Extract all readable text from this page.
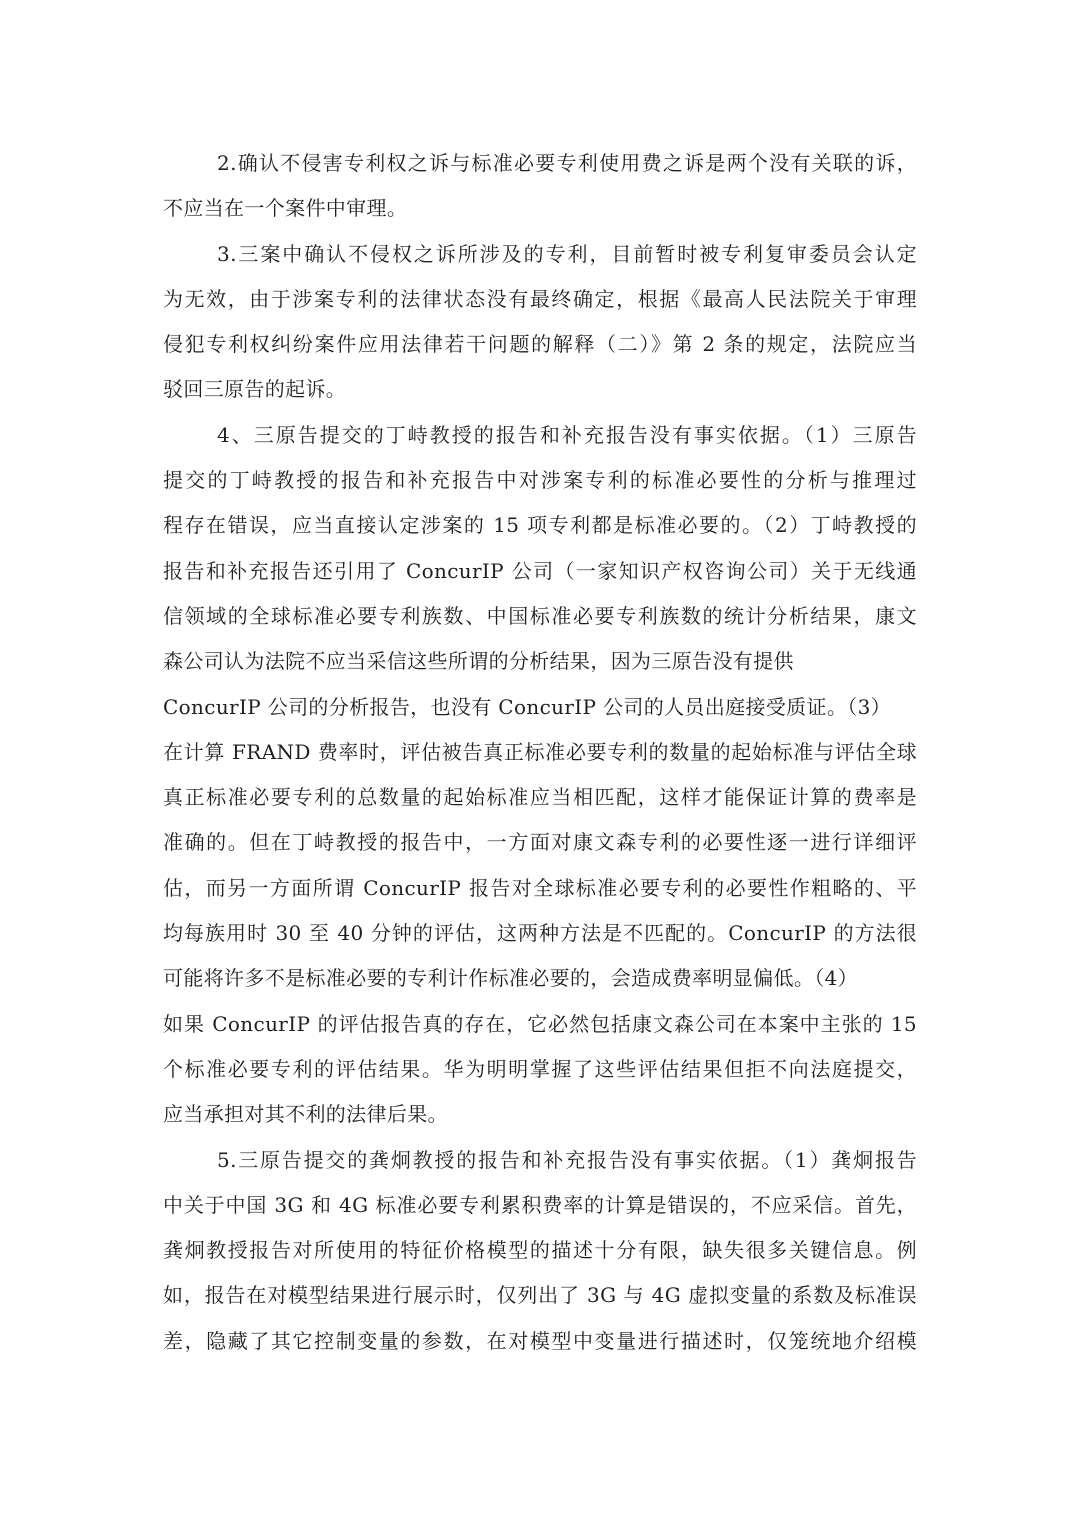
2.确认不侵害专利权之诉与标准必要专利使用费之诉是两个没有关联的诉，
不应当在一个案件中审理。
3.三案中确认不侵权之诉所涉及的专利，目前暂时被专利复审委员会认定
为无效，由于涉案专利的法律状态没有最终确定，根据《最高人民法院关于审理
侵犯专利权纠纷案件应用法律若干问题的解释（二）》第 2 条的规定，法院应当
驳回三原告的起诉。
4、三原告提交的丁峙教授的报告和补充报告没有事实依据。（1）三原告
提交的丁峙教授的报告和补充报告中对涉案专利的标准必要性的分析与推理过
程存在错误，应当直接认定涉案的 15 项专利都是标准必要的。（2）丁峙教授的
报告和补充报告还引用了 ConcurIP 公司（一家知识产权咨询公司）关于无线通
信领域的全球标准必要专利族数、中国标准必要专利族数的统计分析结果，康文
森公司认为法院不应当采信这些所谓的分析结果，因为三原告没有提供
ConcurIP 公司的分析报告，也没有 ConcurIP 公司的人员出庭接受质证。（3）
在计算 FRAND 费率时，评估被告真正标准必要专利的数量的起始标准与评估全球
真正标准必要专利的总数量的起始标准应当相匹配，这样才能保证计算的费率是
准确的。但在丁峙教授的报告中，一方面对康文森专利的必要性逐一进行详细评
估，而另一方面所谓 ConcurIP 报告对全球标准必要专利的必要性作粗略的、平
均每族用时 30 至 40 分钟的评估，这两种方法是不匹配的。ConcurIP 的方法很
可能将许多不是标准必要的专利计作标准必要的，会造成费率明显偏低。（4）
如果 ConcurIP 的评估报告真的存在，它必然包括康文森公司在本案中主张的 15
个标准必要专利的评估结果。华为明明掌握了这些评估结果但拒不向法庭提交，
应当承担对其不利的法律后果。
5.三原告提交的龚炯教授的报告和补充报告没有事实依据。（1）龚炯报告
中关于中国 3G 和 4G 标准必要专利累积费率的计算是错误的，不应采信。首先，
龚炯教授报告对所使用的特征价格模型的描述十分有限，缺失很多关键信息。例
如，报告在对模型结果进行展示时，仅列出了 3G 与 4G 虚拟变量的系数及标准误
差，隐藏了其它控制变量的参数，在对模型中变量进行描述时，仅笼统地介绍模
